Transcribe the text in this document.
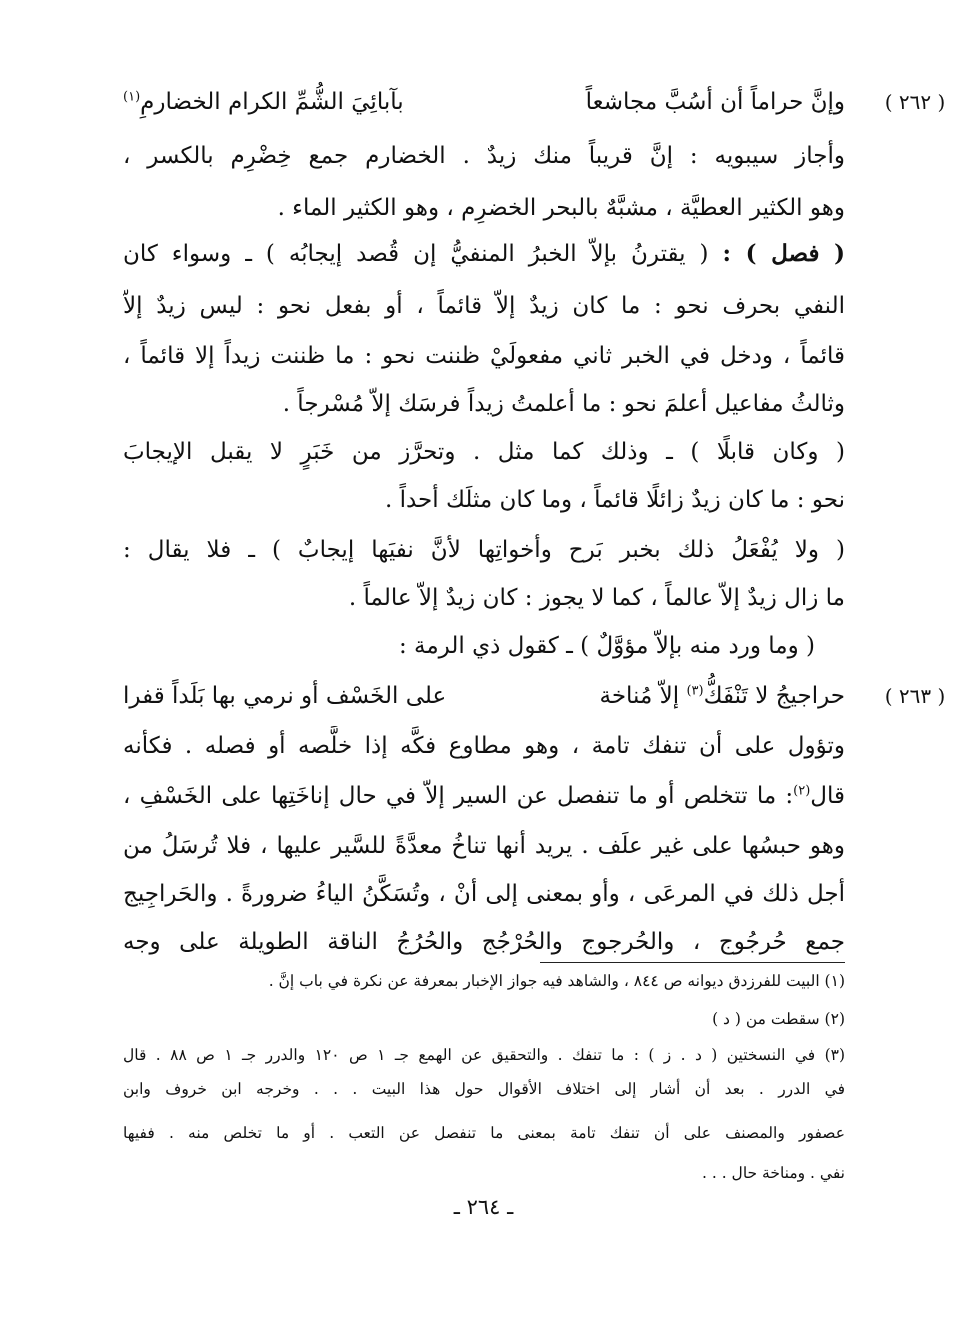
( ٢٦٢ )
وإنَّ حراماً أن أسُبَّ مجاشعاً
بآبائِيَ الشُّمِّ الكرام الخضارمِ$^{(١)}$
وأجاز سيبويه : إنَّ قريباً منك زيدٌ . الخضارم جمع خِضْرِم بالكسر ،
وهو الكثير العطيَّة ، مشبَّهٌ بالبحر الخضرِم ، وهو الكثير الماء .
( فصل ) : ( يقترنُ بإلاّ الخبرُ المنفيُّ إن قُصد إيجابُه ) ـ وسواء كان
النفي بحرف نحو : ما كان زيدٌ إلاّ قائماً ، أو بفعل نحو : ليس زيدٌ إلاّ
قائماً ، ودخل في الخبر ثاني مفعولَيْ ظننت نحو : ما ظننت زيداً إلا قائماً ،
وثالثُ مفاعيل أعلمَ نحو : ما أعلمتُ زيداً فرسَك إلاّ مُسْرجاً .
( وكان قابلًا ) ـ وذلك كما مثل . وتحرَّز من خَبَرٍ لا يقبل الإيجابَ
نحو : ما كان زيدٌ زائلًا قائماً ، وما كان مثلَك أحداً .
( ولا يُفْعَلُ ذلك بخبر بَرح وأخواتِها لأنَّ نفيَها إيجابٌ ) ـ فلا يقال :
ما زال زيدٌ إلاّ عالماً ، كما لا يجوز : كان زيدٌ إلاّ عالماً .
( وما ورد منه بإلاّ مؤوَّلٌ ) ـ كقول ذي الرمة :
( ٢٦٣ )
حراجيجُ لا تَنْفَكُّ$^{(٣)}$ إلاّ مُناخة
على الخَسْف أو نرمي بها بَلَداً قفرا
وتؤول على أن تنفك تامة ، وهو مطاوع فكَّه إذا خلَّصه أو فصله . فكأنه
قال$^{(٢)}$: ما تتخلص أو ما تنفصل عن السير إلاّ في حال إناخَتِها على الخَسْفِ ،
وهو حبسُها على غير علَف . يريد أنها تناخُ معدَّةً للسَّير عليها ، فلا تُرسَلُ من
أجل ذلك في المرعَى ، وأو بمعنى إلى أنْ ، وتُسَكَّنُ الياءُ ضرورةً . والحَراجِيج
جمع حُرجُوج ، والحُرجوج والحُرْجُج والحُرُجُ الناقة الطويلة على وجه
(١) البيت للفرزدق ديوانه ص ٨٤٤ ، والشاهد فيه جواز الإخبار بمعرفة عن نكرة في باب إنَّ .
(٢) سقطت من ( د )
(٣) في النسختين ( د . ز ) : ما تنفك . والتحقيق عن الهمع جـ ١ ص ١٢٠ والدرر جـ ١ ص ٨٨ . قال
في الدرر . بعد أن أشار إلى اختلاف الأقوال حول هذا البيت . . . وخرجه ابن خروف وابن
عصفور والمصنف على أن تنفك تامة بمعنى ما تنفصل عن التعب . أو ما تخلص منه . ففيها
نفي . ومناخة حال . . .
ـ ٢٦٤ ـ
